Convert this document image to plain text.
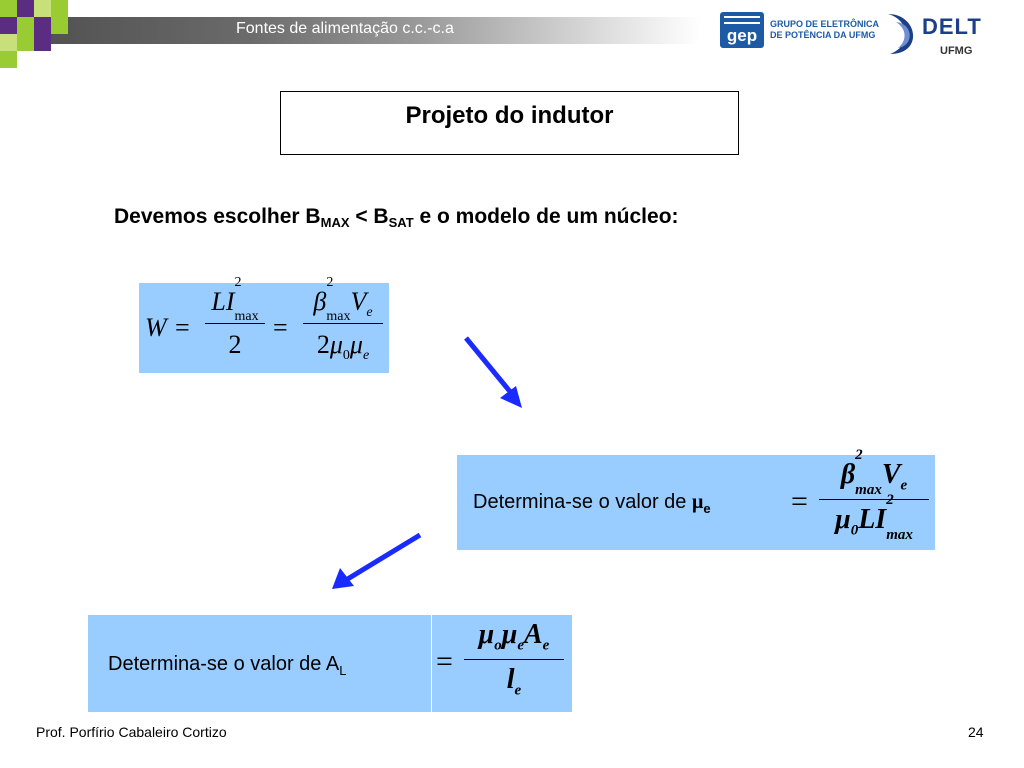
Fontes de alimentação c.c.-c.a	gep
GRUPO DE ELETRÔNICA
DE POTÊNCIA DA UFMG DELT
UFMG
Projeto do indutor
Devemos escolher $B_{MAX} < B_{SAT}$ e o modelo de um núcleo:
W =
LI
2
$_{max}$
2
=
β
2
$_{max}V_e$
$2\mu_0\mu_e$
Determina-se o valor de $\mu_e$	=
β
2
$_{max}V_e$
$\mu_0LI$
2
$_{max}$
Determina-se o valor de $A_L$	=
$\mu_o\mu_eA_e$
$l_e$
Prof. Porfírio Cabaleiro Cortizo	24
